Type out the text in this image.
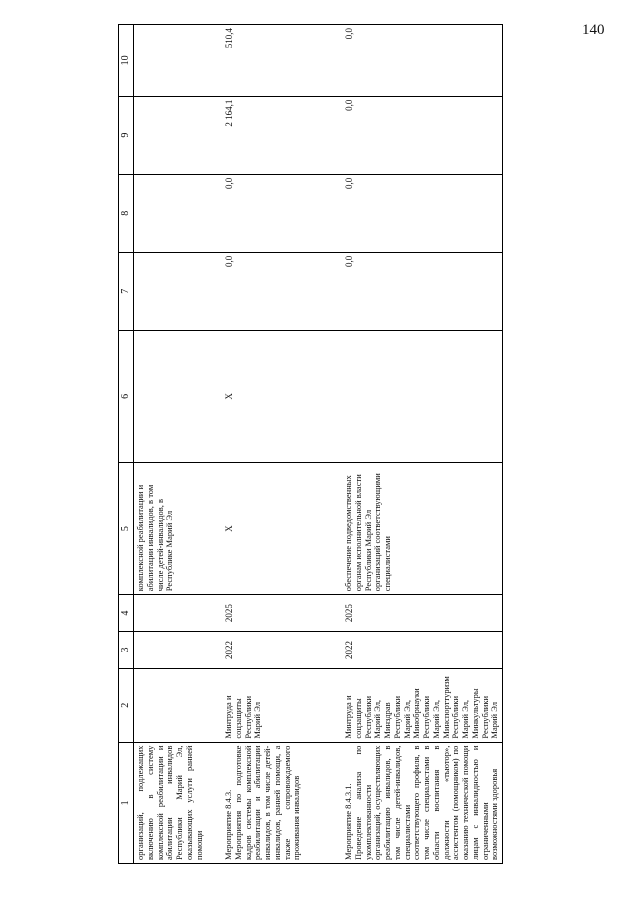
140
1	2	3	4	5	6	7	8	9	10
организаций, подлежащих включению в систему комплексной реабилитации и абилитации инвалидов Республики Марий Эл, оказывающих услуги ранней помощи				комплексной реабилитации и абилитации инвалидов, в том числе детей-инвалидов, в Республике Марий Эл					
Мероприятие 8.4.3.
Мероприятия по подготовке кадров системы комплексной реабилитации и абилитации инвалидов, в том числе детей-инвалидов, ранней помощи, а также сопровождаемого проживания инвалидов	Минтруда и соцзащиты Республики Марий Эл	2022	2025	X	X	0,0	0,0	2 164,1	510,4
Мероприятие 8.4.3.1.
Проведение анализа по укомплектованности организаций, осуществляющих реабилитацию инвалидов, в том числе детей-инвалидов, специалистами соответствующего профиля, в том числе специалистами в области воспитания в должности «тьютор», ассистентом (помощником) по оказанию технической помощи лицам с инвалидностью и ограниченными возможностями здоровья	Минтруда и соцзащиты Республики Марий Эл, Минздрав Республики Марий Эл, Минобрнауки Республики Марий Эл, Минспорттуризм Республики Марий Эл, Минкультуры Республики Марий Эл	2022	2025	обеспечение подведомственных органам исполнительной власти Республики Марий Эл организаций соответствующими специалистами		0,0	0,0	0,0	0,0
